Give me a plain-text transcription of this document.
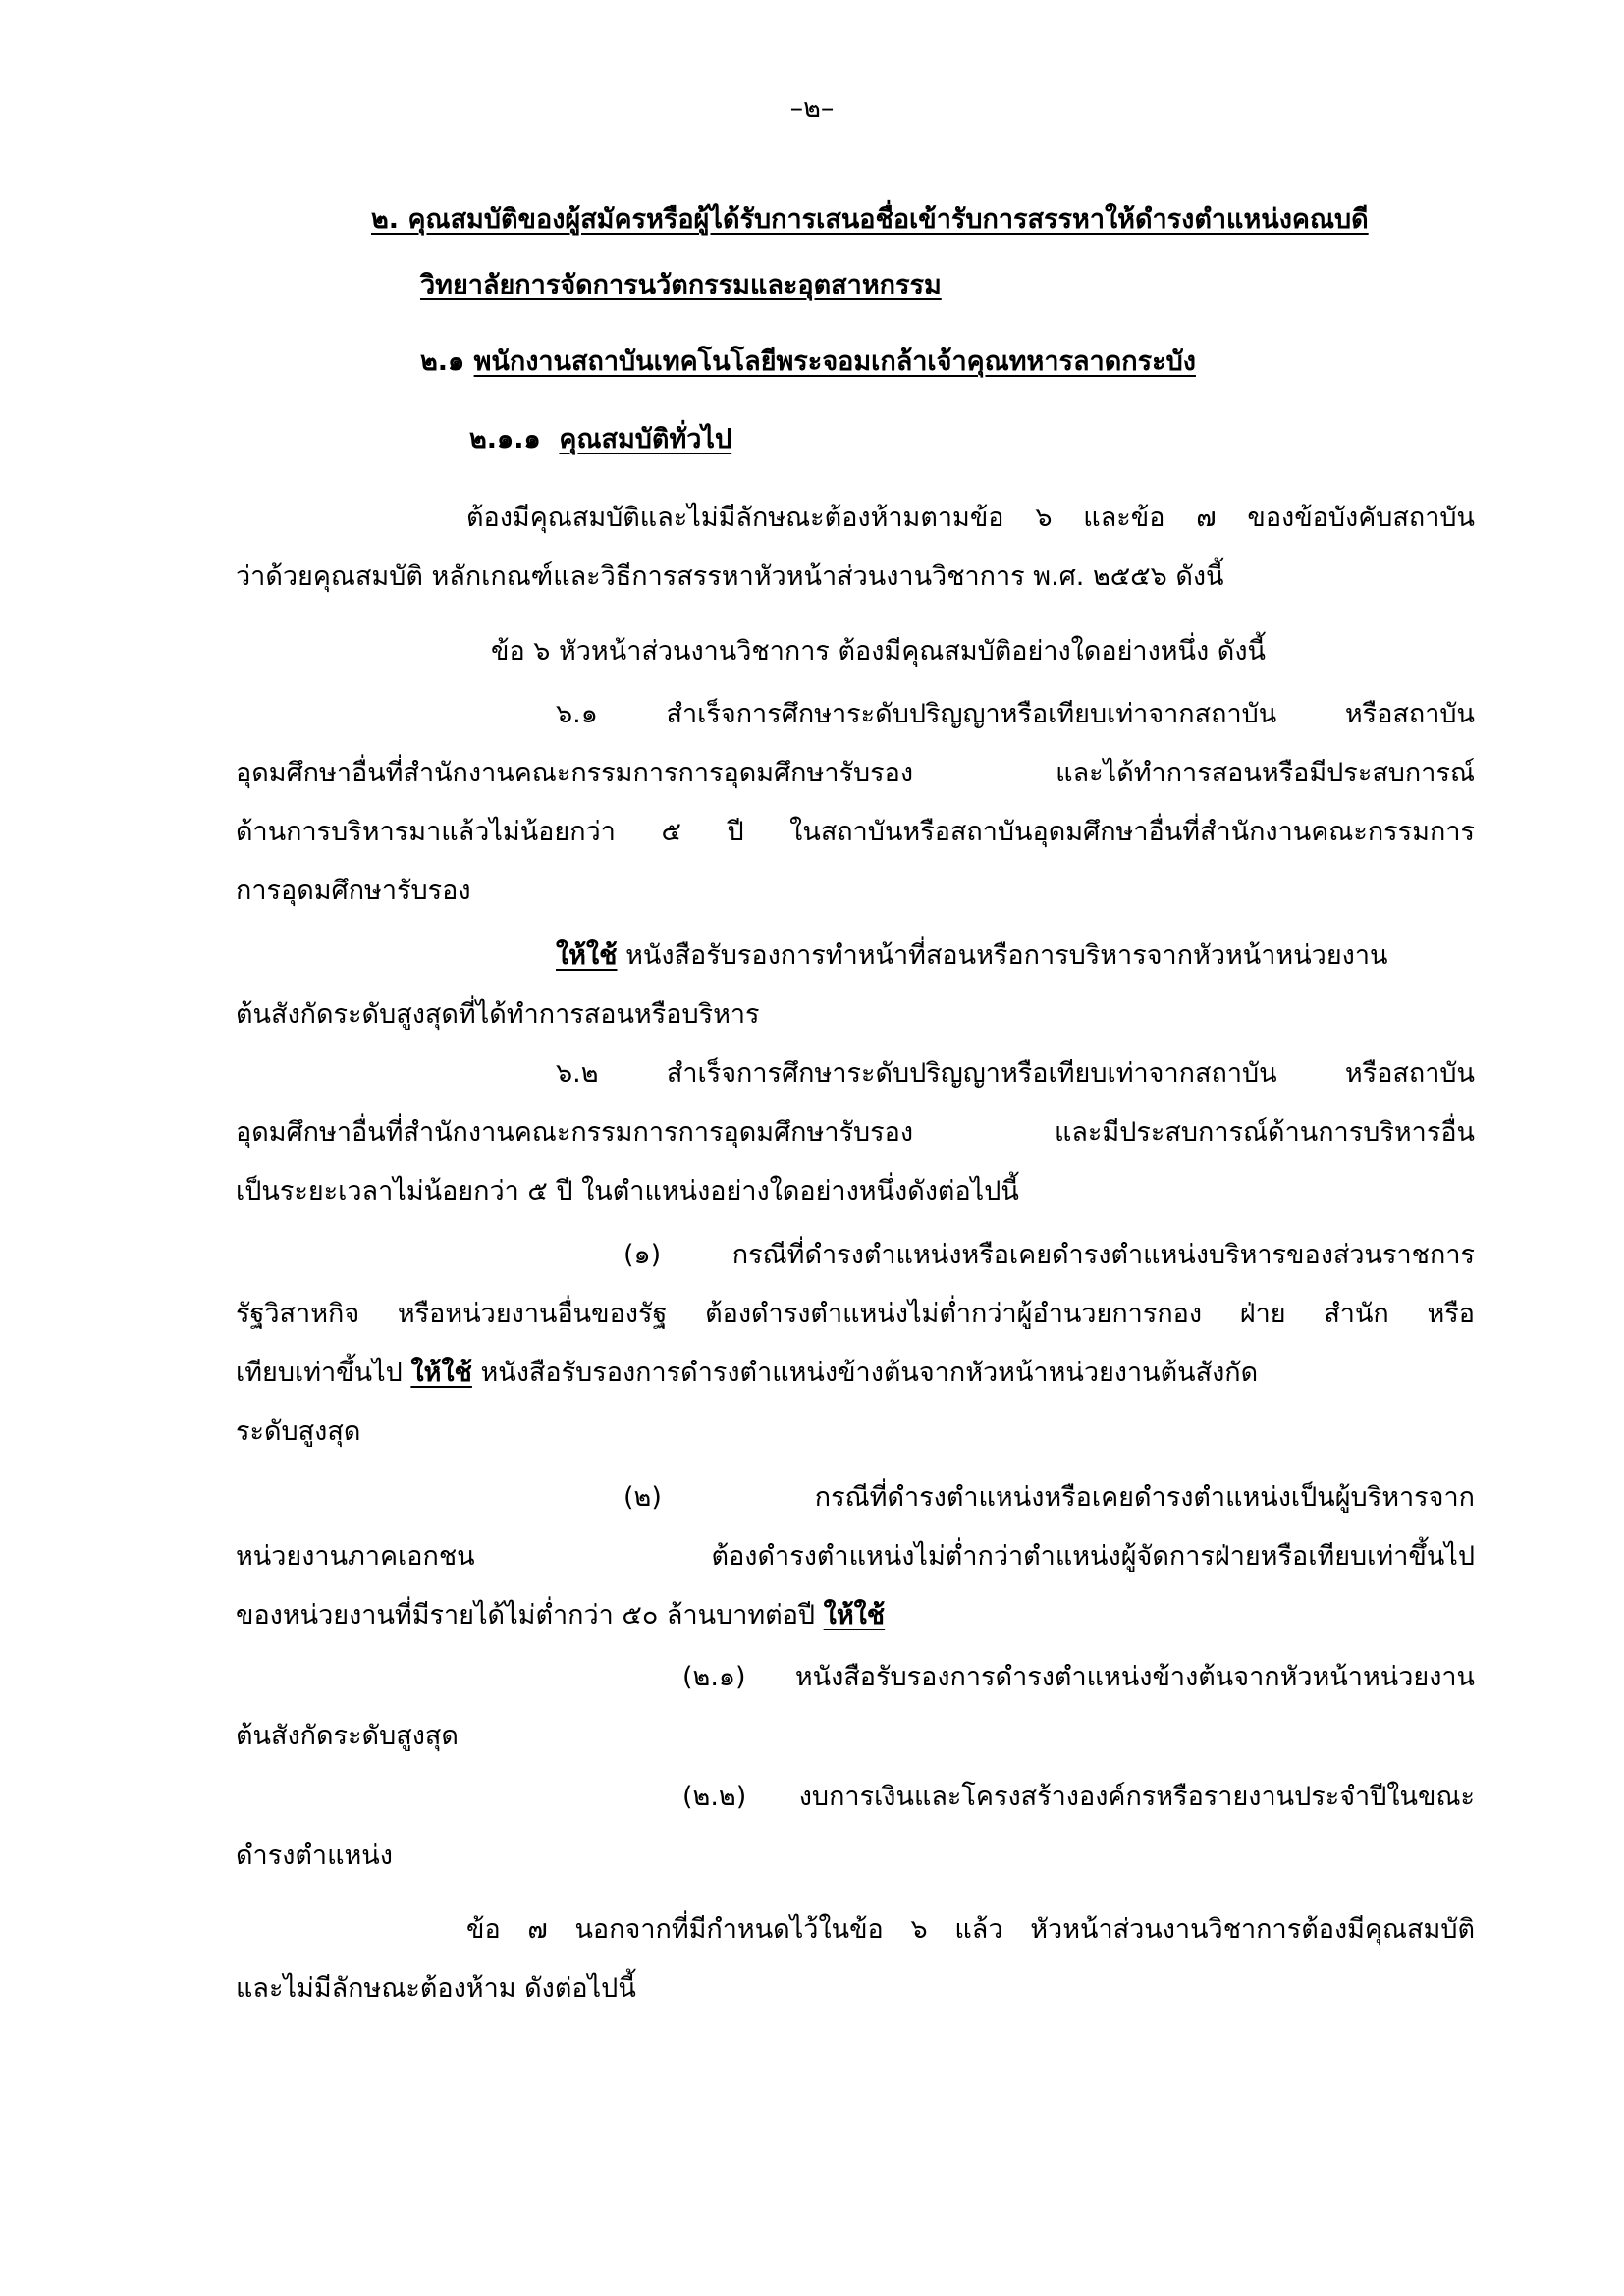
–๒–
๒. คุณสมบัติของผู้สมัครหรือผู้ได้รับการเสนอชื่อเข้ารับการสรรหาให้ดำรงตำแหน่งคณบดี
วิทยาลัยการจัดการนวัตกรรมและอุตสาหกรรม
๒.๑ พนักงานสถาบันเทคโนโลยีพระจอมเกล้าเจ้าคุณทหารลาดกระบัง
๒.๑.๑ คุณสมบัติทั่วไป
ต้องมีคุณสมบัติและไม่มีลักษณะต้องห้ามตามข้อ ๖ และข้อ ๗ ของข้อบังคับสถาบัน
ว่าด้วยคุณสมบัติ หลักเกณฑ์และวิธีการสรรหาหัวหน้าส่วนงานวิชาการ พ.ศ. ๒๕๕๖ ดังนี้
ข้อ ๖ หัวหน้าส่วนงานวิชาการ ต้องมีคุณสมบัติอย่างใดอย่างหนึ่ง ดังนี้
๖.๑ สำเร็จการศึกษาระดับปริญญาหรือเทียบเท่าจากสถาบัน หรือสถาบัน
อุดมศึกษาอื่นที่สำนักงานคณะกรรมการการอุดมศึกษารับรอง และได้ทำการสอนหรือมีประสบการณ์
ด้านการบริหารมาแล้วไม่น้อยกว่า ๕ ปี ในสถาบันหรือสถาบันอุดมศึกษาอื่นที่สำนักงานคณะกรรมการ
การอุดมศึกษารับรอง
ให้ใช้ หนังสือรับรองการทำหน้าที่สอนหรือการบริหารจากหัวหน้าหน่วยงาน
ต้นสังกัดระดับสูงสุดที่ได้ทำการสอนหรือบริหาร
๖.๒ สำเร็จการศึกษาระดับปริญญาหรือเทียบเท่าจากสถาบัน หรือสถาบัน
อุดมศึกษาอื่นที่สำนักงานคณะกรรมการการอุดมศึกษารับรอง และมีประสบการณ์ด้านการบริหารอื่น
เป็นระยะเวลาไม่น้อยกว่า ๕ ปี ในตำแหน่งอย่างใดอย่างหนึ่งดังต่อไปนี้
(๑) กรณีที่ดำรงตำแหน่งหรือเคยดำรงตำแหน่งบริหารของส่วนราชการ
รัฐวิสาหกิจ หรือหน่วยงานอื่นของรัฐ ต้องดำรงตำแหน่งไม่ต่ำกว่าผู้อำนวยการกอง ฝ่าย สำนัก หรือ
เทียบเท่าขึ้นไป ให้ใช้ หนังสือรับรองการดำรงตำแหน่งข้างต้นจากหัวหน้าหน่วยงานต้นสังกัด
ระดับสูงสุด
(๒) กรณีที่ดำรงตำแหน่งหรือเคยดำรงตำแหน่งเป็นผู้บริหารจาก
หน่วยงานภาคเอกชน ต้องดำรงตำแหน่งไม่ต่ำกว่าตำแหน่งผู้จัดการฝ่ายหรือเทียบเท่าขึ้นไป
ของหน่วยงานที่มีรายได้ไม่ต่ำกว่า ๕๐ ล้านบาทต่อปี ให้ใช้
(๒.๑) หนังสือรับรองการดำรงตำแหน่งข้างต้นจากหัวหน้าหน่วยงาน
ต้นสังกัดระดับสูงสุด
(๒.๒) งบการเงินและโครงสร้างองค์กรหรือรายงานประจำปีในขณะ
ดำรงตำแหน่ง
ข้อ ๗ นอกจากที่มีกำหนดไว้ในข้อ ๖ แล้ว หัวหน้าส่วนงานวิชาการต้องมีคุณสมบัติ
และไม่มีลักษณะต้องห้าม ดังต่อไปนี้
